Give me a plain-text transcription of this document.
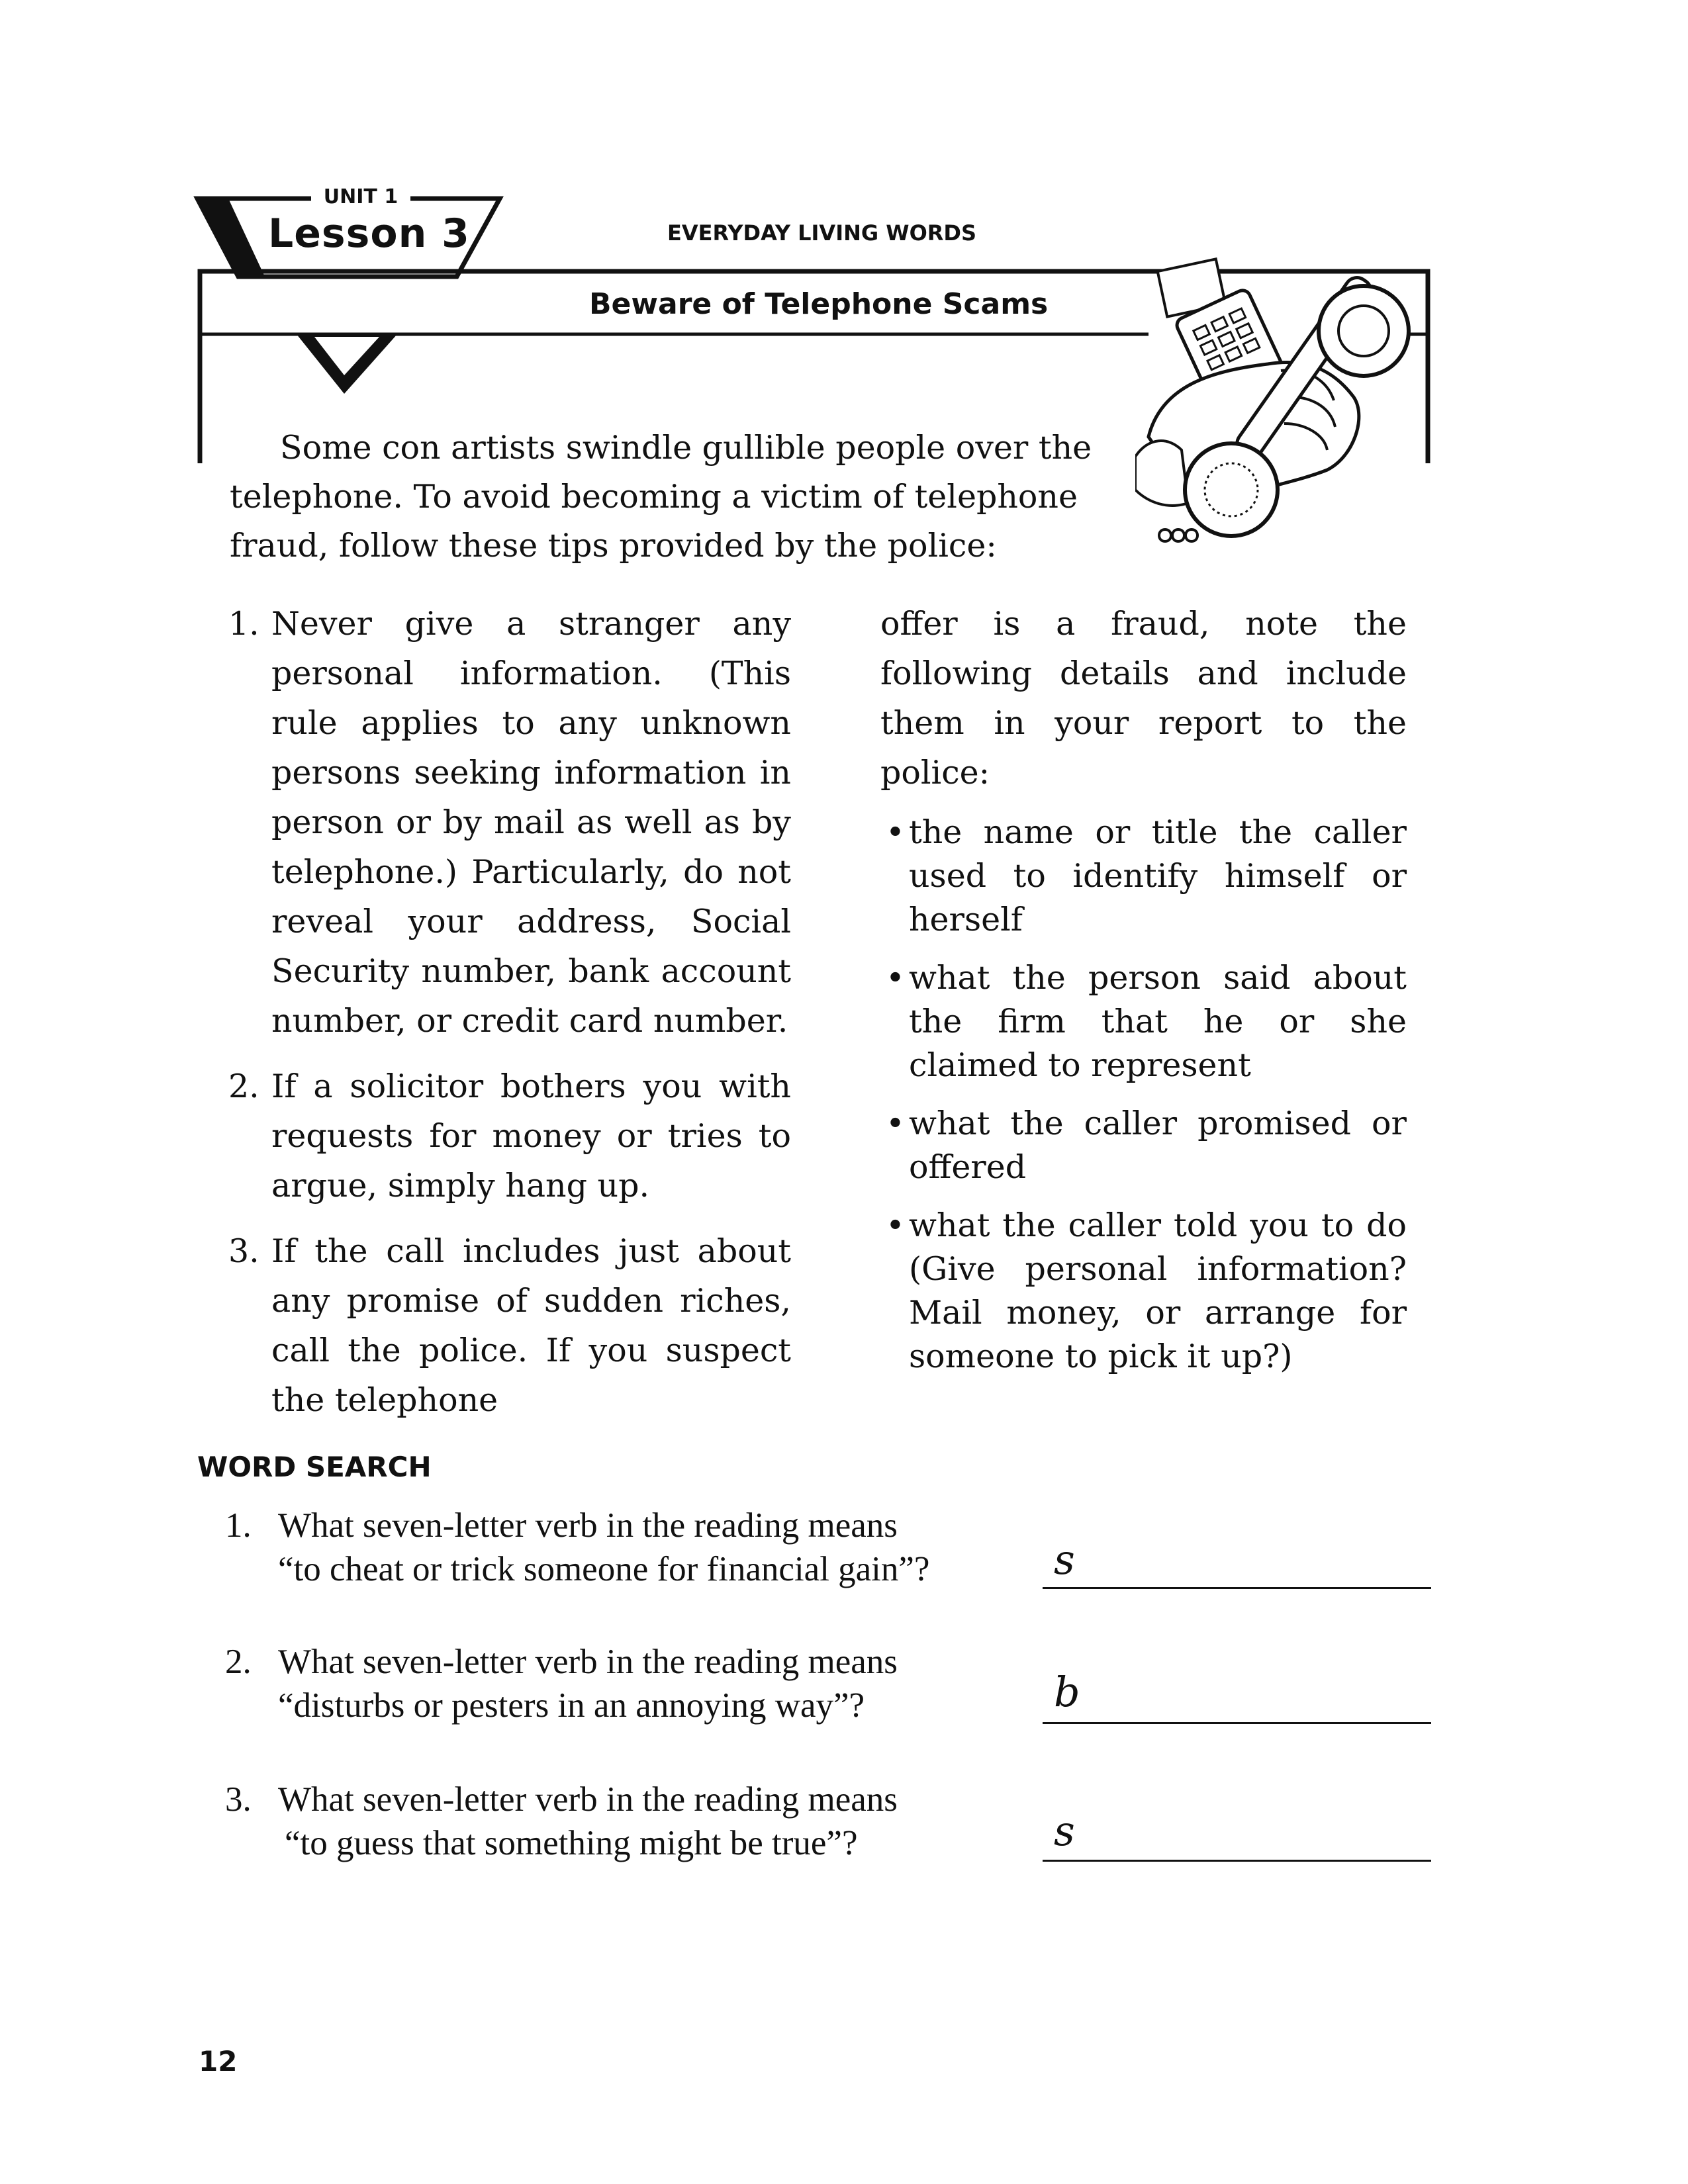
UNIT 1
Lesson 3	EVERYDAY LIVING WORDS
Beware of Telephone Scams

Some con artists swindle gullible people over the telephone. To avoid becoming a victim of telephone fraud, follow these tips provided by the police:

1. Never give a stranger any personal information. (This rule applies to any unknown persons seeking information in person or by mail as well as by telephone.) Particularly, do not reveal your address, Social Security number, bank account number, or credit card number.
2. If a solicitor bothers you with requests for money or tries to argue, simply hang up.
3. If the call includes just about any promise of sudden riches, call the police. If you suspect the telephone

offer is a fraud, note the following details and include them in your report to the police:

• the name or title the caller used to identify himself or herself
• what the person said about the firm that he or she claimed to represent
• what the caller promised or offered
• what the caller told you to do (Give personal information? Mail money, or arrange for someone to pick it up?)
WORD SEARCH
1. What seven-letter verb in the reading means
“to cheat or trick someone for financial gain”?	s
2. What seven-letter verb in the reading means
“disturbs or pesters in an annoying way”?	b
3. What seven-letter verb in the reading means
“to guess that something might be true”?	s
12
